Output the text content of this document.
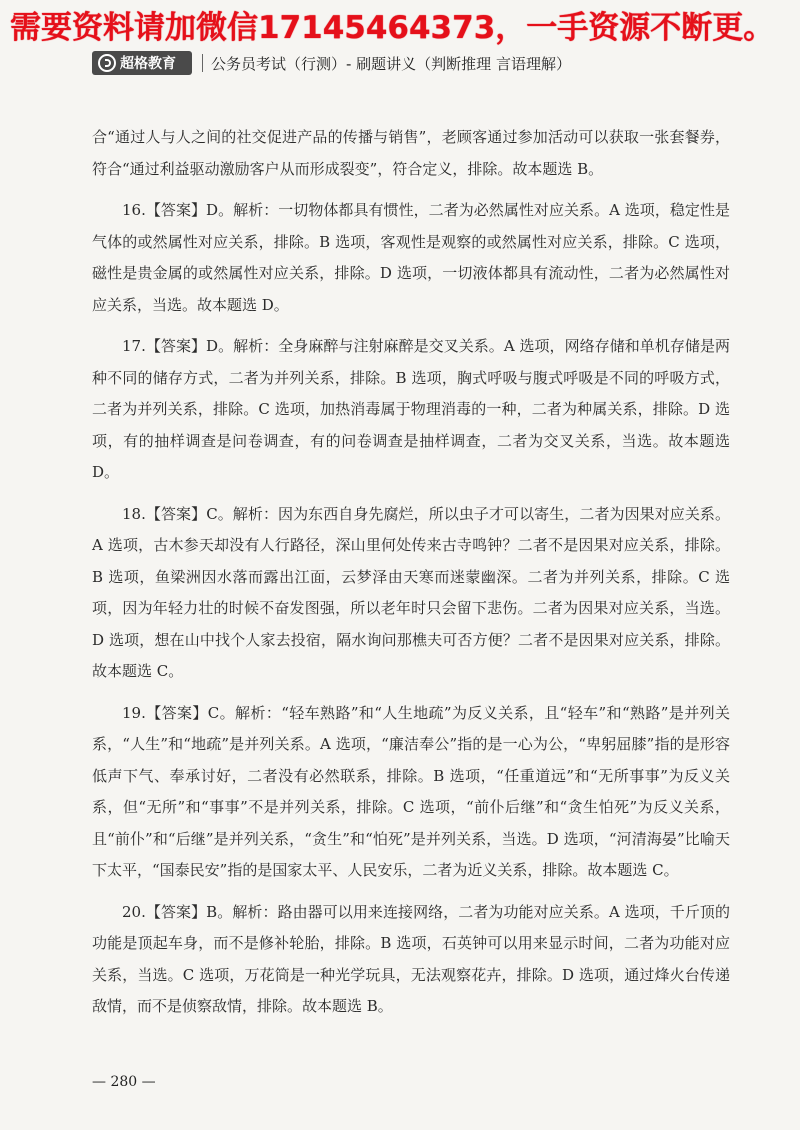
需要资料请加微信17145464373，一手资源不断更。
超格教育 公务员考试（行测）- 刷题讲义（判断推理 言语理解）

合“通过人与人之间的社交促进产品的传播与销售”，老顾客通过参加活动可以获取一张套餐券，符合“通过利益驱动激励客户从而形成裂变”，符合定义，排除。故本题选 B。

16.【答案】D。解析：一切物体都具有惯性，二者为必然属性对应关系。A 选项，稳定性是气体的或然属性对应关系，排除。B 选项，客观性是观察的或然属性对应关系，排除。C 选项，磁性是贵金属的或然属性对应关系，排除。D 选项，一切液体都具有流动性，二者为必然属性对应关系，当选。故本题选 D。

17.【答案】D。解析：全身麻醉与注射麻醉是交叉关系。A 选项，网络存储和单机存储是两种不同的储存方式，二者为并列关系，排除。B 选项，胸式呼吸与腹式呼吸是不同的呼吸方式，二者为并列关系，排除。C 选项，加热消毒属于物理消毒的一种，二者为种属关系，排除。D 选项，有的抽样调查是问卷调查，有的问卷调查是抽样调查，二者为交叉关系，当选。故本题选 D。

18.【答案】C。解析：因为东西自身先腐烂，所以虫子才可以寄生，二者为因果对应关系。A 选项，古木参天却没有人行路径，深山里何处传来古寺鸣钟？二者不是因果对应关系，排除。B 选项，鱼梁洲因水落而露出江面，云梦泽由天寒而迷蒙幽深。二者为并列关系，排除。C 选项，因为年轻力壮的时候不奋发图强，所以老年时只会留下悲伤。二者为因果对应关系，当选。D 选项，想在山中找个人家去投宿，隔水询问那樵夫可否方便？二者不是因果对应关系，排除。故本题选 C。

19.【答案】C。解析：“轻车熟路”和“人生地疏”为反义关系，且“轻车”和“熟路”是并列关系，“人生”和“地疏”是并列关系。A 选项，“廉洁奉公”指的是一心为公，“卑躬屈膝”指的是形容低声下气、奉承讨好，二者没有必然联系，排除。B 选项，“任重道远”和“无所事事”为反义关系，但“无所”和“事事”不是并列关系，排除。C 选项，“前仆后继”和“贪生怕死”为反义关系，且“前仆”和“后继”是并列关系，“贪生”和“怕死”是并列关系，当选。D 选项，“河清海晏”比喻天下太平，“国泰民安”指的是国家太平、人民安乐，二者为近义关系，排除。故本题选 C。

20.【答案】B。解析：路由器可以用来连接网络，二者为功能对应关系。A 选项，千斤顶的功能是顶起车身，而不是修补轮胎，排除。B 选项，石英钟可以用来显示时间，二者为功能对应关系，当选。C 选项，万花筒是一种光学玩具，无法观察花卉，排除。D 选项，通过烽火台传递敌情，而不是侦察敌情，排除。故本题选 B。

— 280 —
